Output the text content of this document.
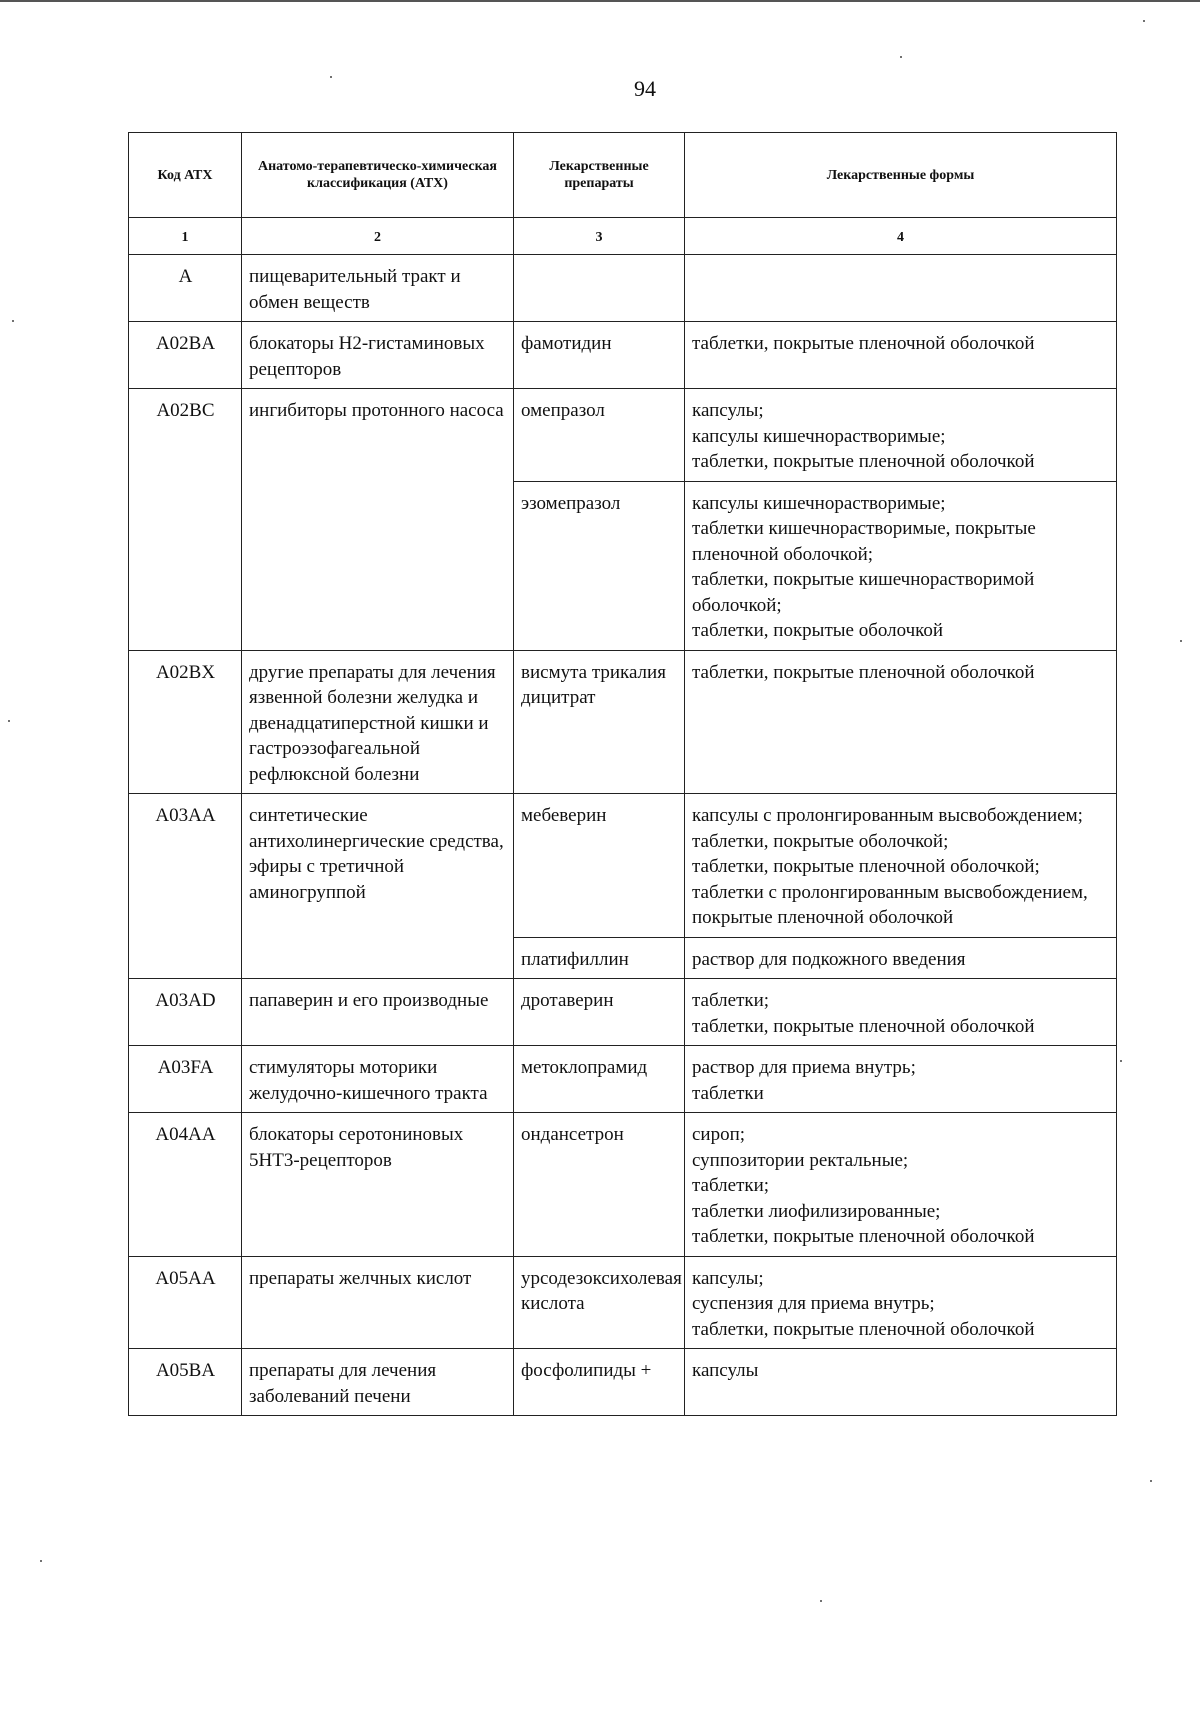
94
Код АТХ	Анатомо-терапевтическо-химическая классификация (АТХ)	Лекарственные препараты	Лекарственные формы
1	2	3	4
А	пищеварительный тракт и обмен веществ		
A02BA	блокаторы H2-гистаминовых рецепторов	фамотидин	таблетки, покрытые пленочной оболочкой

A02BC	ингибиторы протонного насоса	омепразол	капсулы;
капсулы кишечнорастворимые;
таблетки, покрытые пленочной оболочкой

		эзомепразол	капсулы кишечнорастворимые;
таблетки кишечнорастворимые, покрытые пленочной оболочкой;
таблетки, покрытые кишечнорастворимой оболочкой;
таблетки, покрытые оболочкой

A02BX	другие препараты для лечения язвенной болезни желудка и двенадцатиперстной кишки и гастроэзофагеальной рефлюксной болезни	висмута трикалия дицитрат	таблетки, покрытые пленочной оболочкой

A03AA	синтетические антихолинергические средства, эфиры с третичной аминогруппой	мебеверин	капсулы с пролонгированным высвобождением;
таблетки, покрытые оболочкой;
таблетки, покрытые пленочной оболочкой;
таблетки с пролонгированным высвобождением, покрытые пленочной оболочкой

		платифиллин	раствор для подкожного введения

A03AD	папаверин и его производные	дротаверин	таблетки;
таблетки, покрытые пленочной оболочкой

A03FA	стимуляторы моторики желудочно-кишечного тракта	метоклопрамид	раствор для приема внутрь;
таблетки

A04AA	блокаторы серотониновых 5HT3-рецепторов	ондансетрон	сироп;
суппозитории ректальные;
таблетки;
таблетки лиофилизированные;
таблетки, покрытые пленочной оболочкой

A05AA	препараты желчных кислот	урсодезоксихолевая кислота	капсулы;
суспензия для приема внутрь;
таблетки, покрытые пленочной оболочкой

A05BA	препараты для лечения заболеваний печени	фосфолипиды +	капсулы
